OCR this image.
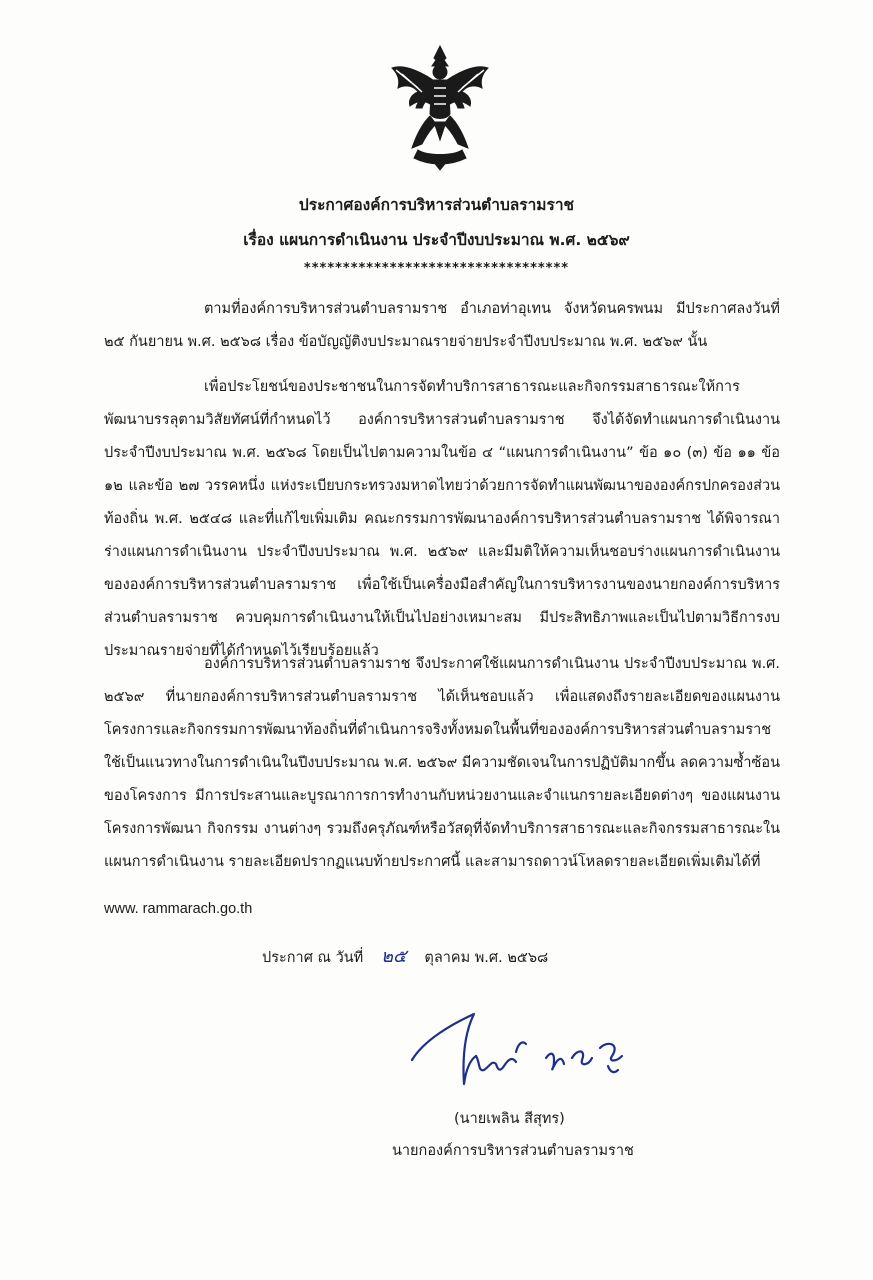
ประกาศองค์การบริหารส่วนตำบลรามราช
เรื่อง แผนการดำเนินงาน ประจำปีงบประมาณ พ.ศ. ๒๕๖๙
**********************************

ตามที่องค์การบริหารส่วนตำบลรามราช อำเภอท่าอุเทน จังหวัดนครพนม มีประกาศลงวันที่ ๒๕ กันยายน พ.ศ. ๒๕๖๘ เรื่อง ข้อบัญญัติงบประมาณรายจ่ายประจำปีงบประมาณ พ.ศ. ๒๕๖๙ นั้น

เพื่อประโยชน์ของประชาชนในการจัดทำบริการสาธารณะและกิจกรรมสาธารณะให้การพัฒนาบรรลุตามวิสัยทัศน์ที่กำหนดไว้ องค์การบริหารส่วนตำบลรามราช จึงได้จัดทำแผนการดำเนินงาน ประจำปีงบประมาณ พ.ศ. ๒๕๖๘ โดยเป็นไปตามความในข้อ ๔ “แผนการดำเนินงาน” ข้อ ๑๐ (๓) ข้อ ๑๑ ข้อ ๑๒ และข้อ ๒๗ วรรคหนึ่ง แห่งระเบียบกระทรวงมหาดไทยว่าด้วยการจัดทำแผนพัฒนาขององค์กรปกครองส่วนท้องถิ่น พ.ศ. ๒๕๔๘ และที่แก้ไขเพิ่มเติม คณะกรรมการพัฒนาองค์การบริหารส่วนตำบลรามราช ได้พิจารณาร่างแผนการดำเนินงาน ประจำปีงบประมาณ พ.ศ. ๒๕๖๙ และมีมติให้ความเห็นชอบร่างแผนการดำเนินงานขององค์การบริหารส่วนตำบลรามราช เพื่อใช้เป็นเครื่องมือสำคัญในการบริหารงานของนายกองค์การบริหารส่วนตำบลรามราช ควบคุมการดำเนินงานให้เป็นไปอย่างเหมาะสม มีประสิทธิภาพและเป็นไปตามวิธีการงบประมาณรายจ่ายที่ได้กำหนดไว้เรียบร้อยแล้ว

องค์การบริหารส่วนตำบลรามราช จึงประกาศใช้แผนการดำเนินงาน ประจำปีงบประมาณ พ.ศ. ๒๕๖๙ ที่นายกองค์การบริหารส่วนตำบลรามราช ได้เห็นชอบแล้ว เพื่อแสดงถึงรายละเอียดของแผนงานโครงการและกิจกรรมการพัฒนาท้องถิ่นที่ดำเนินการจริงทั้งหมดในพื้นที่ขององค์การบริหารส่วนตำบลรามราช ใช้เป็นแนวทางในการดำเนินในปีงบประมาณ พ.ศ. ๒๕๖๙ มีความชัดเจนในการปฏิบัติมากขึ้น ลดความซ้ำซ้อนของโครงการ มีการประสานและบูรณาการการทำงานกับหน่วยงานและจำแนกรายละเอียดต่างๆ ของแผนงานโครงการพัฒนา กิจกรรม งานต่างๆ รวมถึงครุภัณฑ์หรือวัสดุที่จัดทำบริการสาธารณะและกิจกรรมสาธารณะในแผนการดำเนินงาน รายละเอียดปรากฏแนบท้ายประกาศนี้ และสามารถดาวน์โหลดรายละเอียดเพิ่มเติมได้ที่

www. rammarach.go.th
ประกาศ ณ วันที่ ๒๕ ตุลาคม พ.ศ. ๒๕๖๘
(นายเพลิน สีสุทร)
นายกองค์การบริหารส่วนตำบลรามราช
